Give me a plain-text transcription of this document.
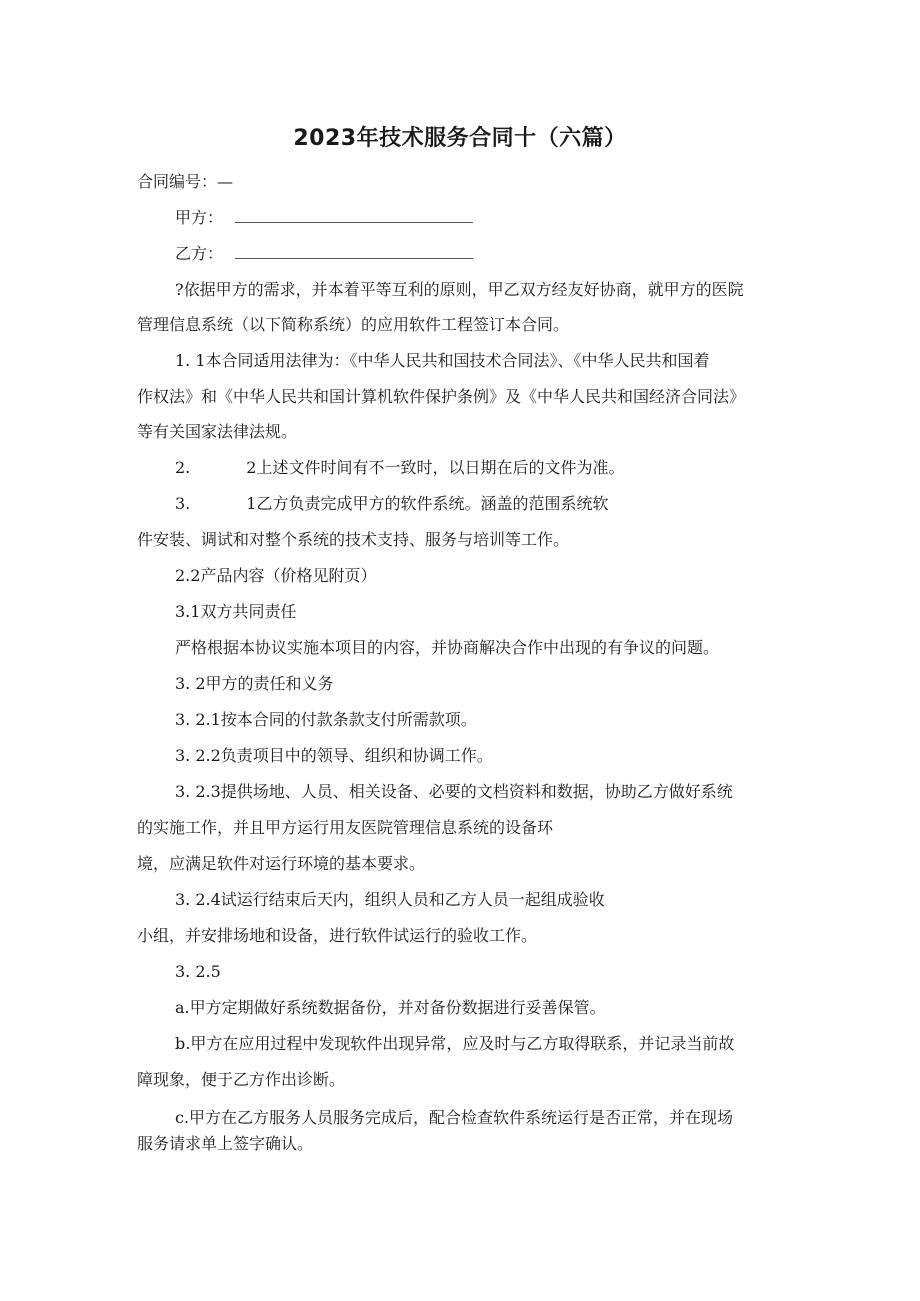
2023年技术服务合同十（六篇）
合同编号：—
甲方：
乙方：
?依据甲方的需求，并本着平等互利的原则，甲乙双方经友好协商，就甲方的医院
管理信息系统（以下简称系统）的应用软件工程签订本合同。
1. 1本合同适用法律为：《中华人民共和国技术合同法》、《中华人民共和国着
作权法》和《中华人民共和国计算机软件保护条例》及《中华人民共和国经济合同法》
等有关国家法律法规。
2.	2上述文件时间有不一致时，以日期在后的文件为准。
3.	1乙方负责完成甲方的软件系统。涵盖的范围系统软
件安装、调试和对整个系统的技术支持、服务与培训等工作。
2.2产品内容（价格见附页）
3.1双方共同责任
严格根据本协议实施本项目的内容，并协商解决合作中出现的有争议的问题。
3. 2甲方的责任和义务
3. 2.1按本合同的付款条款支付所需款项。
3. 2.2负责项目中的领导、组织和协调工作。
3. 2.3提供场地、人员、相关设备、必要的文档资料和数据，协助乙方做好系统
的实施工作，并且甲方运行用友医院管理信息系统的设备环
境，应满足软件对运行环境的基本要求。
3. 2.4试运行结束后天内，组织人员和乙方人员一起组成验收
小组，并安排场地和设备，进行软件试运行的验收工作。
3. 2.5
a.甲方定期做好系统数据备份，并对备份数据进行妥善保管。
b.甲方在应用过程中发现软件出现异常，应及时与乙方取得联系，并记录当前故
障现象，便于乙方作出诊断。
c.甲方在乙方服务人员服务完成后，配合检查软件系统运行是否正常，并在现场
服务请求单上签字确认。
